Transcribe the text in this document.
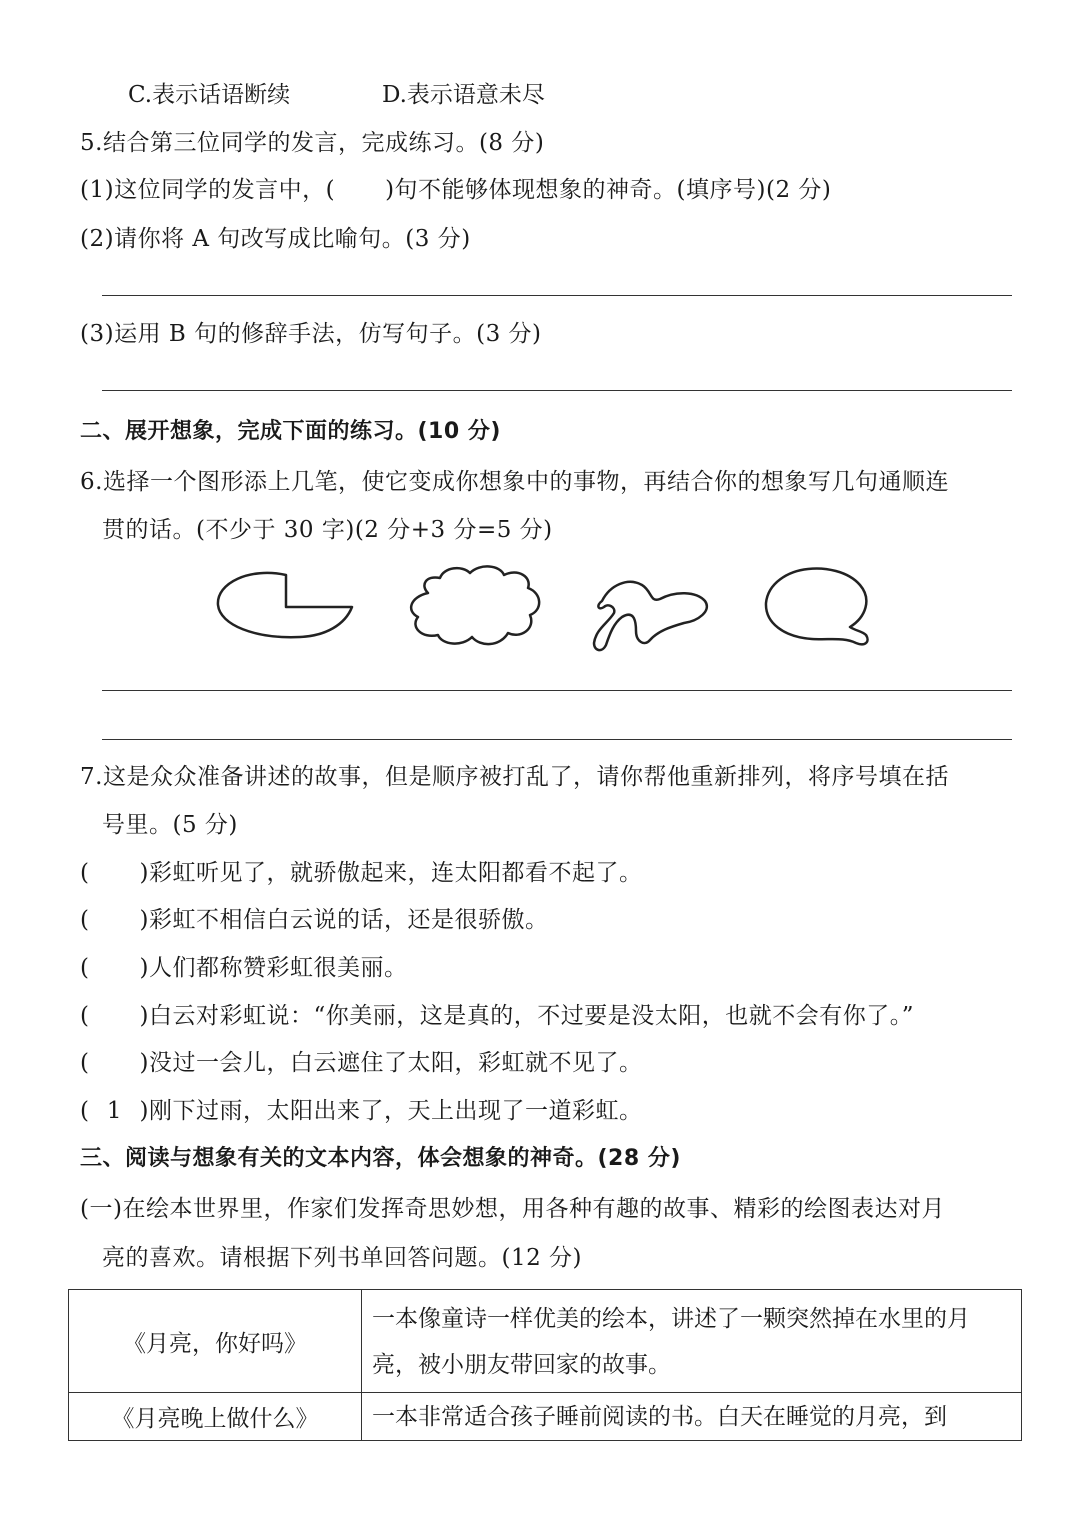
C.表示话语断续	D.表示语意未尽
5.结合第三位同学的发言，完成练习。(8 分)
(1)这位同学的发言中，( )句不能够体现想象的神奇。(填序号)(2 分)
(2)请你将 A 句改写成比喻句。(3 分)
(3)运用 B 句的修辞手法，仿写句子。(3 分)
二、展开想象，完成下面的练习。(10 分)
6.选择一个图形添上几笔，使它变成你想象中的事物，再结合你的想象写几句通顺连
贯的话。(不少于 30 字)(2 分+3 分=5 分)
7.这是众众准备讲述的故事，但是顺序被打乱了，请你帮他重新排列，将序号填在括
号里。(5 分)
( )彩虹听见了，就骄傲起来，连太阳都看不起了。
( )彩虹不相信白云说的话，还是很骄傲。
( )人们都称赞彩虹很美丽。
( )白云对彩虹说：“你美丽，这是真的，不过要是没太阳，也就不会有你了。”
( )没过一会儿，白云遮住了太阳，彩虹就不见了。
( 1 )刚下过雨，太阳出来了，天上出现了一道彩虹。
三、阅读与想象有关的文本内容，体会想象的神奇。(28 分)
(一)在绘本世界里，作家们发挥奇思妙想，用各种有趣的故事、精彩的绘图表达对月
亮的喜欢。请根据下列书单回答问题。(12 分)
《月亮，你好吗》	一本像童诗一样优美的绘本，讲述了一颗突然掉在水里的月亮，被小朋友带回家的故事。
《月亮晚上做什么》	一本非常适合孩子睡前阅读的书。白天在睡觉的月亮，到
